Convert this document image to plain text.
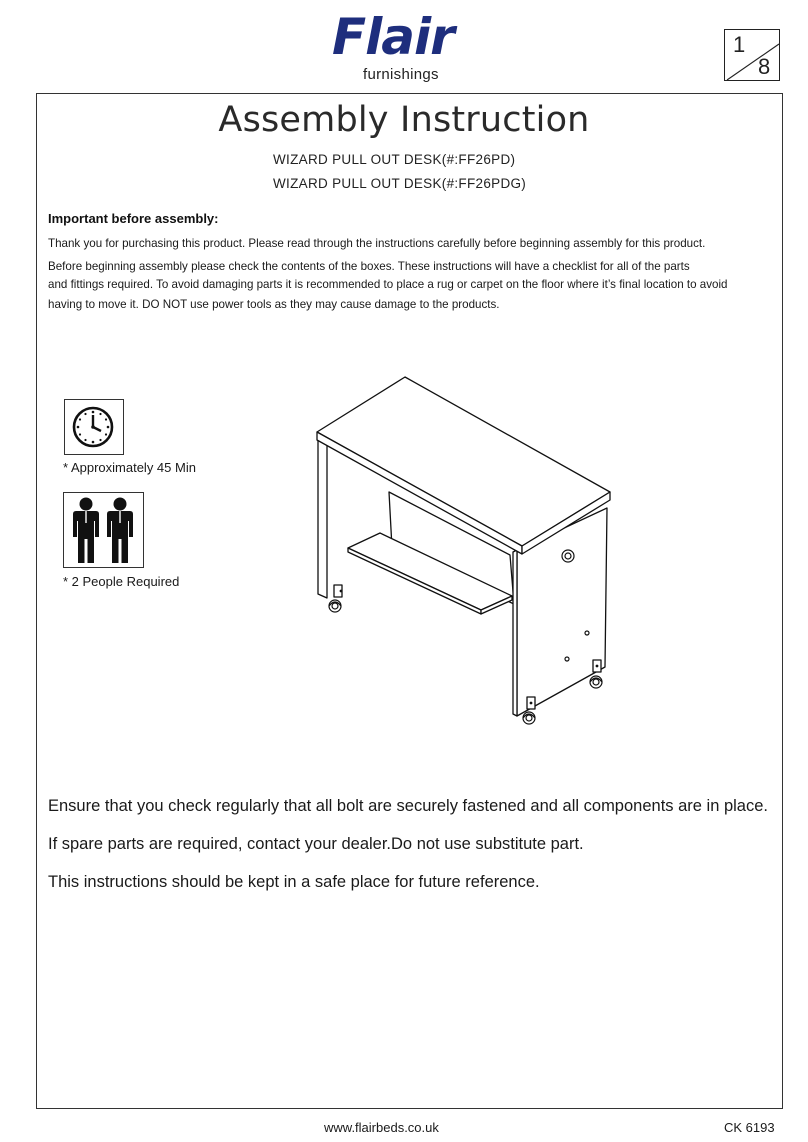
Flair
furnishings
1
8
Assembly Instruction
WIZARD PULL OUT DESK(#:FF26PD)
WIZARD PULL OUT DESK(#:FF26PDG)
Important before assembly:
Thank you for purchasing this product. Please read through the instructions carefully before beginning assembly for this product.
Before beginning assembly please check the contents of the boxes. These instructions will have a checklist for all of the parts
and fittings required. To avoid damaging parts it is recommended to place a rug or carpet on the floor where it’s final location to avoid
having to move it. DO NOT use power tools as they may cause damage to the products.
* Approximately 45 Min
* 2 People Required
Ensure that you check regularly that all bolt are securely fastened and all components are in place.
If spare parts are required, contact your dealer.Do not use substitute part.
This instructions should be kept in a safe place for future reference.
www.flairbeds.co.uk	CK 6193
